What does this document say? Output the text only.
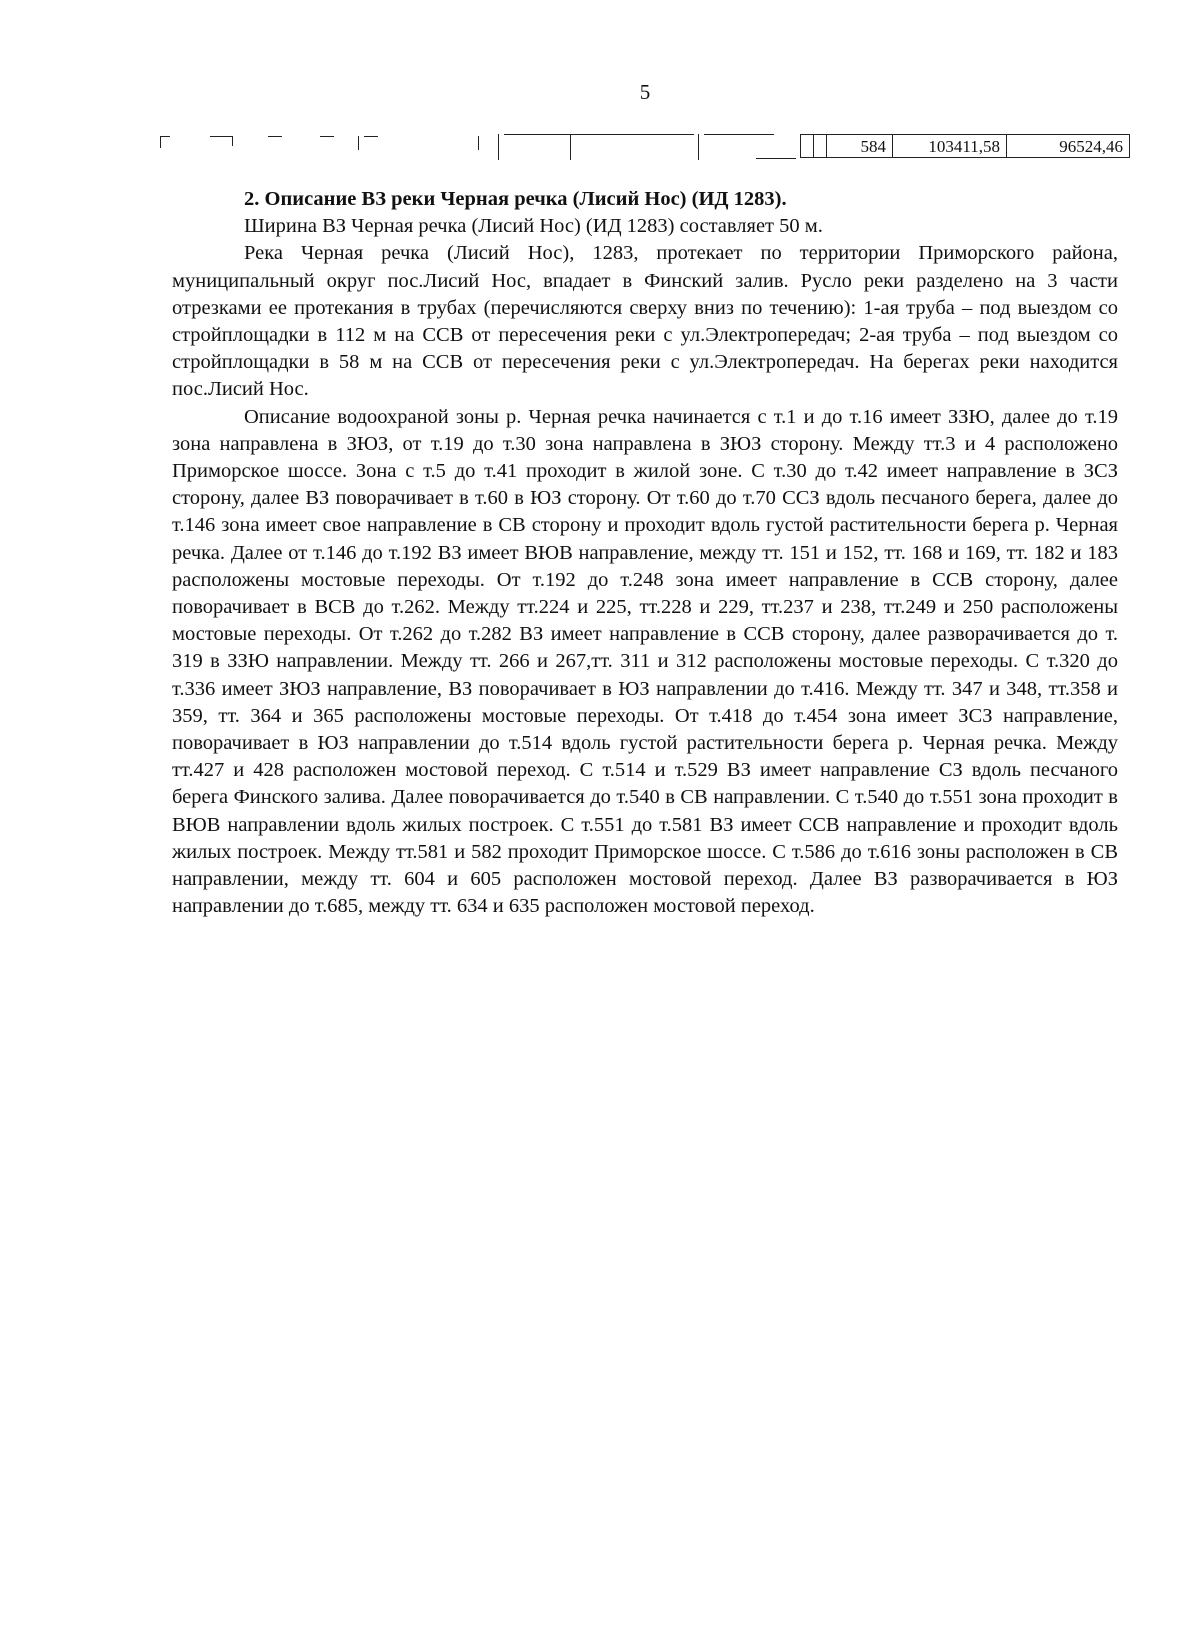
5
584	103411,58	96524,46

2. Описание ВЗ реки Черная речка (Лисий Нос) (ИД 1283).

Ширина ВЗ Черная речка (Лисий Нос) (ИД 1283) составляет 50 м.

Река Черная речка (Лисий Нос), 1283, протекает по территории Приморского района, муниципальный округ пос.Лисий Нос, впадает в Финский залив. Русло реки разделено на 3 части отрезками ее протекания в трубах (перечисляются сверху вниз по течению): 1-ая труба – под выездом со стройплощадки в 112 м на ССВ от пересечения реки с ул.Электропередач; 2-ая труба – под выездом со стройплощадки в 58 м на ССВ от пересечения реки с ул.Электропередач. На берегах реки находится пос.Лисий Нос.

Описание водоохраной зоны р. Черная речка начинается с т.1 и до т.16 имеет ЗЗЮ, далее до т.19 зона направлена в ЗЮЗ, от т.19 до т.30 зона направлена в ЗЮЗ сторону. Между тт.3 и 4 расположено Приморское шоссе. Зона с т.5 до т.41 проходит в жилой зоне. С т.30 до т.42 имеет направление в ЗСЗ сторону, далее ВЗ поворачивает в т.60 в ЮЗ сторону. От т.60 до т.70 ССЗ вдоль песчаного берега, далее до т.146 зона имеет свое направление в СВ сторону и проходит вдоль густой растительности берега р. Черная речка. Далее от т.146 до т.192 ВЗ имеет ВЮВ направление, между тт. 151 и 152, тт. 168 и 169, тт. 182 и 183 расположены мостовые переходы. От т.192 до т.248 зона имеет направление в ССВ сторону, далее поворачивает в ВСВ до т.262. Между тт.224 и 225, тт.228 и 229, тт.237 и 238, тт.249 и 250 расположены мостовые переходы. От т.262 до т.282 ВЗ имеет направление в ССВ сторону, далее разворачивается до т. 319 в ЗЗЮ направлении. Между тт. 266 и 267,тт. 311 и 312 расположены мостовые переходы. С т.320 до т.336 имеет ЗЮЗ направление, ВЗ поворачивает в ЮЗ направлении до т.416. Между тт. 347 и 348, тт.358 и 359, тт. 364 и 365 расположены мостовые переходы. От т.418 до т.454 зона имеет ЗСЗ направление, поворачивает в ЮЗ направлении до т.514 вдоль густой растительности берега р. Черная речка. Между тт.427 и 428 расположен мостовой переход. С т.514 и т.529 ВЗ имеет направление СЗ вдоль песчаного берега Финского залива. Далее поворачивается до т.540 в СВ направлении. С т.540 до т.551 зона проходит в ВЮВ направлении вдоль жилых построек. С т.551 до т.581 ВЗ имеет ССВ направление и проходит вдоль жилых построек. Между тт.581 и 582 проходит Приморское шоссе. С т.586 до т.616 зоны расположен в СВ направлении, между тт. 604 и 605 расположен мостовой переход. Далее ВЗ разворачивается в ЮЗ направлении до т.685, между тт. 634 и 635 расположен мостовой переход.
